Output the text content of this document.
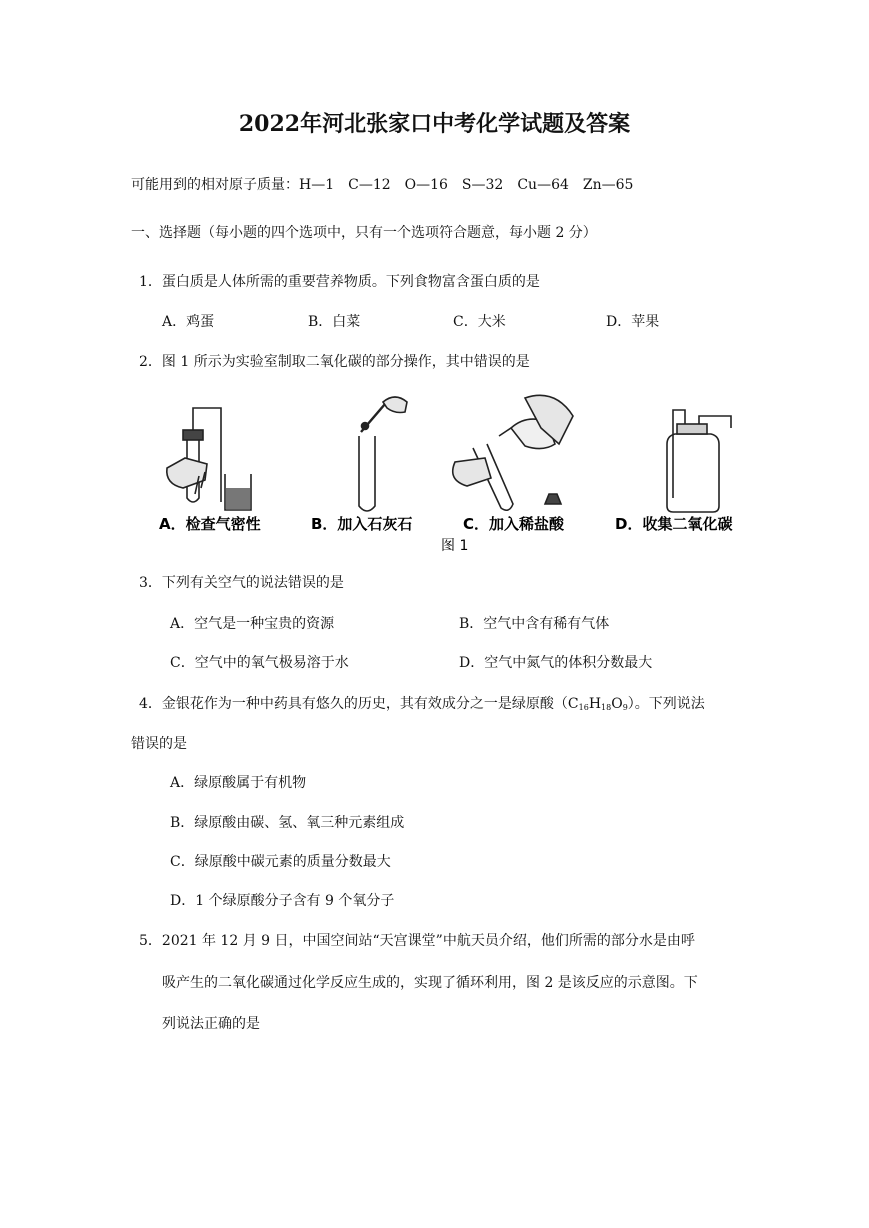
2022年河北张家口中考化学试题及答案
可能用到的相对原子质量：H—1　C—12　O—16　S—32　Cu—64　Zn—65
一、选择题（每小题的四个选项中，只有一个选项符合题意，每小题 2 分）
1．蛋白质是人体所需的重要营养物质。下列食物富含蛋白质的是
A．鸡蛋	B．白菜	C．大米	D．苹果
2．图 1 所示为实验室制取二氧化碳的部分操作，其中错误的是
A．检查气密性	B．加入石灰石	C．加入稀盐酸	D．收集二氧化碳
图 1
3．下列有关空气的说法错误的是
A．空气是一种宝贵的资源	B．空气中含有稀有气体
C．空气中的氧气极易溶于水	D．空气中氮气的体积分数最大
4．金银花作为一种中药具有悠久的历史，其有效成分之一是绿原酸$(C_{16}H_{18}O_9)$。下列说法
错误的是
A．绿原酸属于有机物
B．绿原酸由碳、氢、氧三种元素组成
C．绿原酸中碳元素的质量分数最大
D．1 个绿原酸分子含有 9 个氧分子
5．2021 年 12 月 9 日，中国空间站“天宫课堂”中航天员介绍，他们所需的部分水是由呼
吸产生的二氧化碳通过化学反应生成的，实现了循环利用，图 2 是该反应的示意图。下
列说法正确的是
